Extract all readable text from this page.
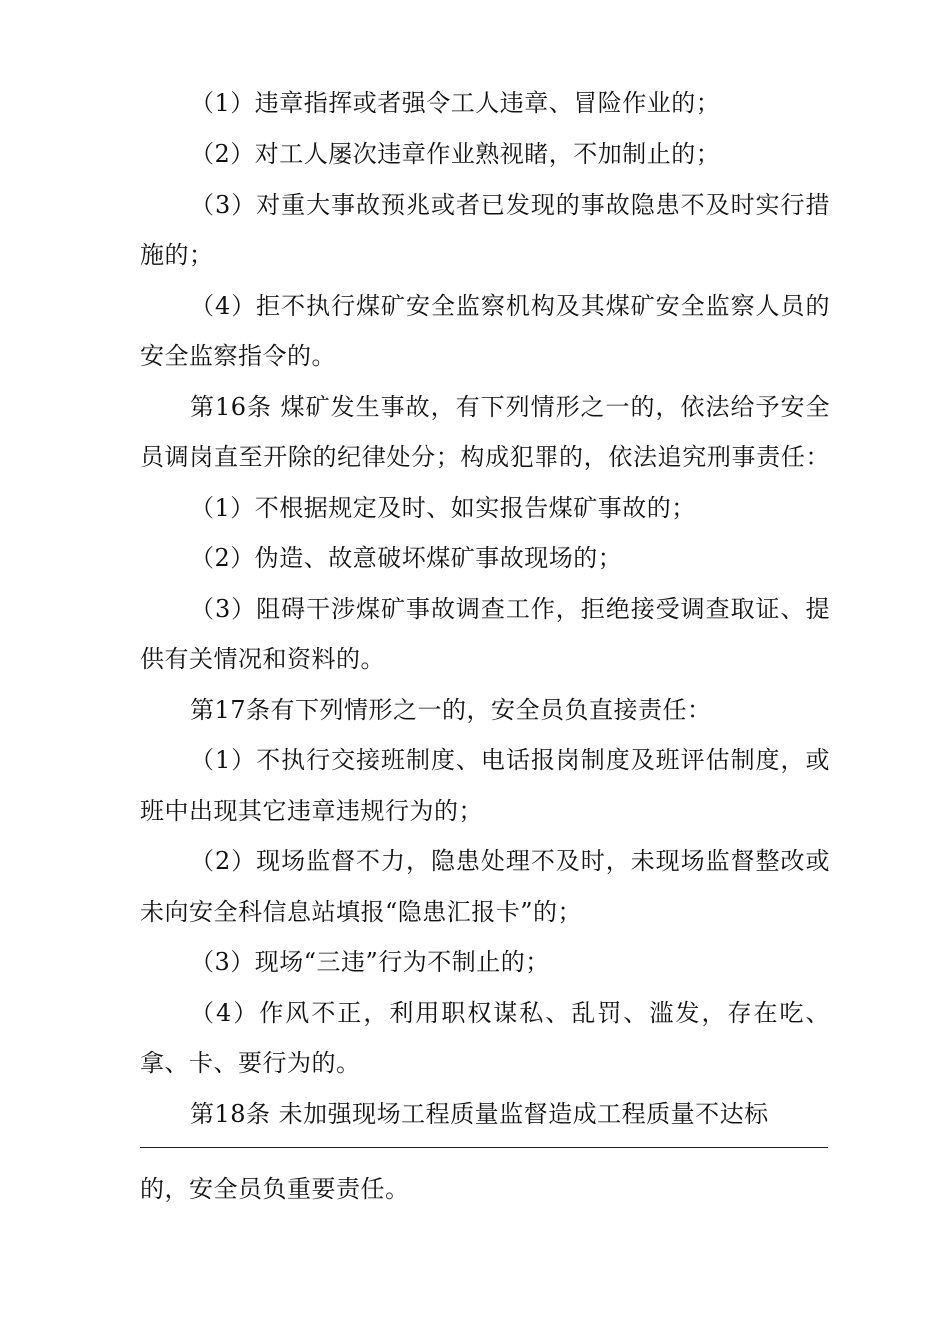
（1）违章指挥或者强令工人违章、冒险作业的；
（2）对工人屡次违章作业熟视睹，不加制止的；
（3）对重大事故预兆或者已发现的事故隐患不及时实行措
施的；
（4）拒不执行煤矿安全监察机构及其煤矿安全监察人员的
安全监察指令的。
第16条 煤矿发生事故，有下列情形之一的，依法给予安全
员调岗直至开除的纪律处分；构成犯罪的，依法追究刑事责任：
（1）不根据规定及时、如实报告煤矿事故的；
（2）伪造、故意破坏煤矿事故现场的；
（3）阻碍干涉煤矿事故调查工作，拒绝接受调查取证、提
供有关情况和资料的。
第17条有下列情形之一的，安全员负直接责任：
（1）不执行交接班制度、电话报岗制度及班评估制度，或
班中出现其它违章违规行为的；
（2）现场监督不力，隐患处理不及时，未现场监督整改或
未向安全科信息站填报“隐患汇报卡”的；
（3）现场“三违”行为不制止的；
（4）作风不正，利用职权谋私、乱罚、滥发，存在吃、
拿、卡、要行为的。
第18条 未加强现场工程质量监督造成工程质量不达标
的，安全员负重要责任。
